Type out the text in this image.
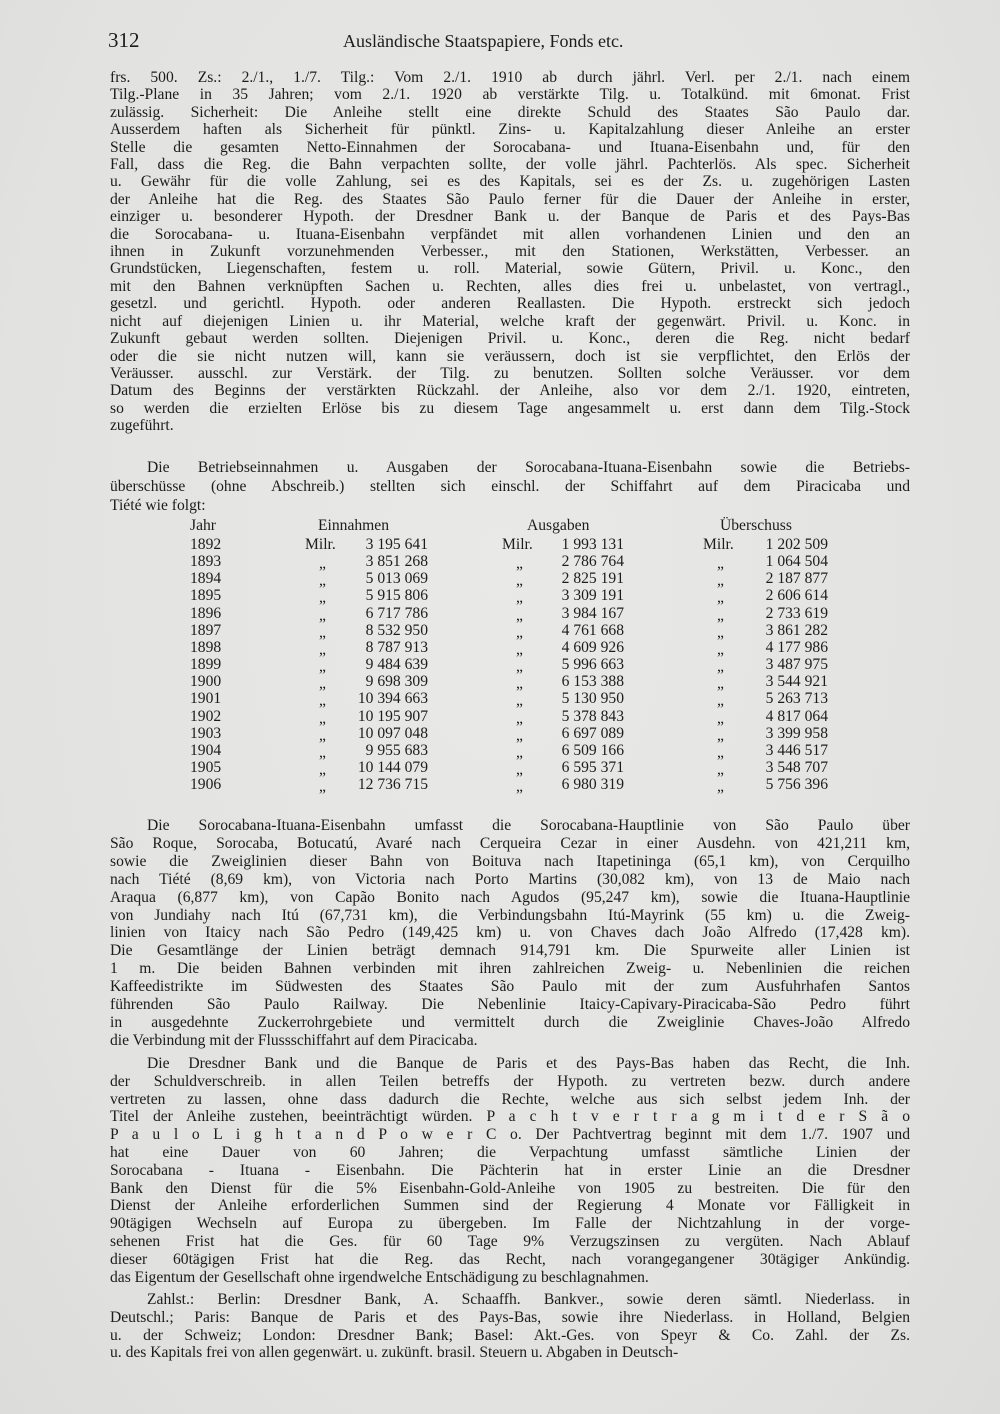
312	Ausländische Staatspapiere, Fonds etc.
frs. 500. Zs.: 2./1., 1./7. Tilg.: Vom 2./1. 1910 ab durch jährl. Verl. per 2./1. nach einem
Tilg.-Plane in 35 Jahren; vom 2./1. 1920 ab verstärkte Tilg. u. Totalkünd. mit 6monat. Frist
zulässig. Sicherheit: Die Anleihe stellt eine direkte Schuld des Staates São Paulo dar.
Ausserdem haften als Sicherheit für pünktl. Zins- u. Kapitalzahlung dieser Anleihe an erster
Stelle die gesamten Netto-Einnahmen der Sorocabana- und Ituana-Eisenbahn und, für den
Fall, dass die Reg. die Bahn verpachten sollte, der volle jährl. Pachterlös. Als spec. Sicherheit
u. Gewähr für die volle Zahlung, sei es des Kapitals, sei es der Zs. u. zugehörigen Lasten
der Anleihe hat die Reg. des Staates São Paulo ferner für die Dauer der Anleihe in erster,
einziger u. besonderer Hypoth. der Dresdner Bank u. der Banque de Paris et des Pays-Bas
die Sorocabana- u. Ituana-Eisenbahn verpfändet mit allen vorhandenen Linien und den an
ihnen in Zukunft vorzunehmenden Verbesser., mit den Stationen, Werkstätten, Verbesser. an
Grundstücken, Liegenschaften, festem u. roll. Material, sowie Gütern, Privil. u. Konc., den
mit den Bahnen verknüpften Sachen u. Rechten, alles dies frei u. unbelastet, von vertragl.,
gesetzl. und gerichtl. Hypoth. oder anderen Reallasten. Die Hypoth. erstreckt sich jedoch
nicht auf diejenigen Linien u. ihr Material, welche kraft der gegenwärt. Privil. u. Konc. in
Zukunft gebaut werden sollten. Diejenigen Privil. u. Konc., deren die Reg. nicht bedarf
oder die sie nicht nutzen will, kann sie veräussern, doch ist sie verpflichtet, den Erlös der
Veräusser. ausschl. zur Verstärk. der Tilg. zu benutzen. Sollten solche Veräusser. vor dem
Datum des Beginns der verstärkten Rückzahl. der Anleihe, also vor dem 2./1. 1920, eintreten,
so werden die erzielten Erlöse bis zu diesem Tage angesammelt u. erst dann dem Tilg.-Stock
zugeführt.
Die Betriebseinnahmen u. Ausgaben der Sorocabana-Ituana-Eisenbahn sowie die Betriebs-
überschüsse (ohne Abschreib.) stellten sich einschl. der Schiffahrt auf dem Piracicaba und
Tiété wie folgt:
Jahr	Einnahmen	Ausgaben	Überschuss
1892	Milr. 3 195 641	Milr. 1 993 131	Milr. 1 202 509
1893	„	3 851 268	„ 2 786 764	„	1 064 504
1894	„	5 013 069	„ 2 825 191	„	2 187 877
1895	„	5 915 806	„ 3 309 191	„	2 606 614
1896	„	6 717 786	„ 3 984 167	„	2 733 619
1897	„	8 532 950	„ 4 761 668	„	3 861 282
1898	„	8 787 913	„ 4 609 926	„	4 177 986
1899	„	9 484 639	„ 5 996 663	„	3 487 975
1900	„	9 698 309	„ 6 153 388	„	3 544 921
1901	„ 10 394 663	„ 5 130 950	„	5 263 713
1902	„ 10 195 907	„ 5 378 843	„	4 817 064
1903	„ 10 097 048	„ 6 697 089	„	3 399 958
1904	„	9 955 683	„ 6 509 166	„	3 446 517
1905	„ 10 144 079	„ 6 595 371	„	3 548 707
1906	„ 12 736 715	„ 6 980 319	„	5 756 396
Die Sorocabana-Ituana-Eisenbahn umfasst die Sorocabana-Hauptlinie von São Paulo über
São Roque, Sorocaba, Botucatú, Avaré nach Cerqueira Cezar in einer Ausdehn. von 421,211 km,
sowie die Zweiglinien dieser Bahn von Boituva nach Itapetininga (65,1 km), von Cerquilho
nach Tiété (8,69 km), von Victoria nach Porto Martins (30,082 km), von 13 de Maio nach
Araqua (6,877 km), von Capão Bonito nach Agudos (95,247 km), sowie die Ituana-Hauptlinie
von Jundiahy nach Itú (67,731 km), die Verbindungsbahn Itú-Mayrink (55 km) u. die Zweig-
linien von Itaicy nach São Pedro (149,425 km) u. von Chaves dach João Alfredo (17,428 km).
Die Gesamtlänge der Linien beträgt demnach 914,791 km. Die Spurweite aller Linien ist
1 m. Die beiden Bahnen verbinden mit ihren zahlreichen Zweig- u. Nebenlinien die reichen
Kaffeedistrikte im Südwesten des Staates São Paulo mit der zum Ausfuhrhafen Santos
führenden São Paulo Railway. Die Nebenlinie Itaicy-Capivary-Piracicaba-São Pedro führt
in ausgedehnte Zuckerrohrgebiete und vermittelt durch die Zweiglinie Chaves-João Alfredo
die Verbindung mit der Flussschiffahrt auf dem Piracicaba.
Die Dresdner Bank und die Banque de Paris et des Pays-Bas haben das Recht, die Inh.
der Schuldverschreib. in allen Teilen betreffs der Hypoth. zu vertreten bezw. durch andere
vertreten zu lassen, ohne dass dadurch die Rechte, welche aus sich selbst jedem Inh. der
Titel der Anleihe zustehen, beeinträchtigt würden. P a c h t v e r t r a g m i t d e r S ã o
P a u l o L i g h t a n d P o w e r C o. Der Pachtvertrag beginnt mit dem 1./7. 1907 und
hat eine Dauer von 60 Jahren; die Verpachtung umfasst sämtliche Linien der
Sorocabana - Ituana - Eisenbahn. Die Pächterin hat in erster Linie an die Dresdner
Bank den Dienst für die 5% Eisenbahn-Gold-Anleihe von 1905 zu bestreiten. Die für den
Dienst der Anleihe erforderlichen Summen sind der Regierung 4 Monate vor Fälligkeit in
90tägigen Wechseln auf Europa zu übergeben. Im Falle der Nichtzahlung in der vorge-
sehenen Frist hat die Ges. für 60 Tage 9% Verzugszinsen zu vergüten. Nach Ablauf
dieser 60tägigen Frist hat die Reg. das Recht, nach vorangegangener 30tägiger Ankündig.
das Eigentum der Gesellschaft ohne irgendwelche Entschädigung zu beschlagnahmen.
Zahlst.: Berlin: Dresdner Bank, A. Schaaffh. Bankver., sowie deren sämtl. Niederlass. in
Deutschl.; Paris: Banque de Paris et des Pays-Bas, sowie ihre Niederlass. in Holland, Belgien
u. der Schweiz; London: Dresdner Bank; Basel: Akt.-Ges. von Speyr & Co. Zahl. der Zs.
u. des Kapitals frei von allen gegenwärt. u. zukünft. brasil. Steuern u. Abgaben in Deutsch-
